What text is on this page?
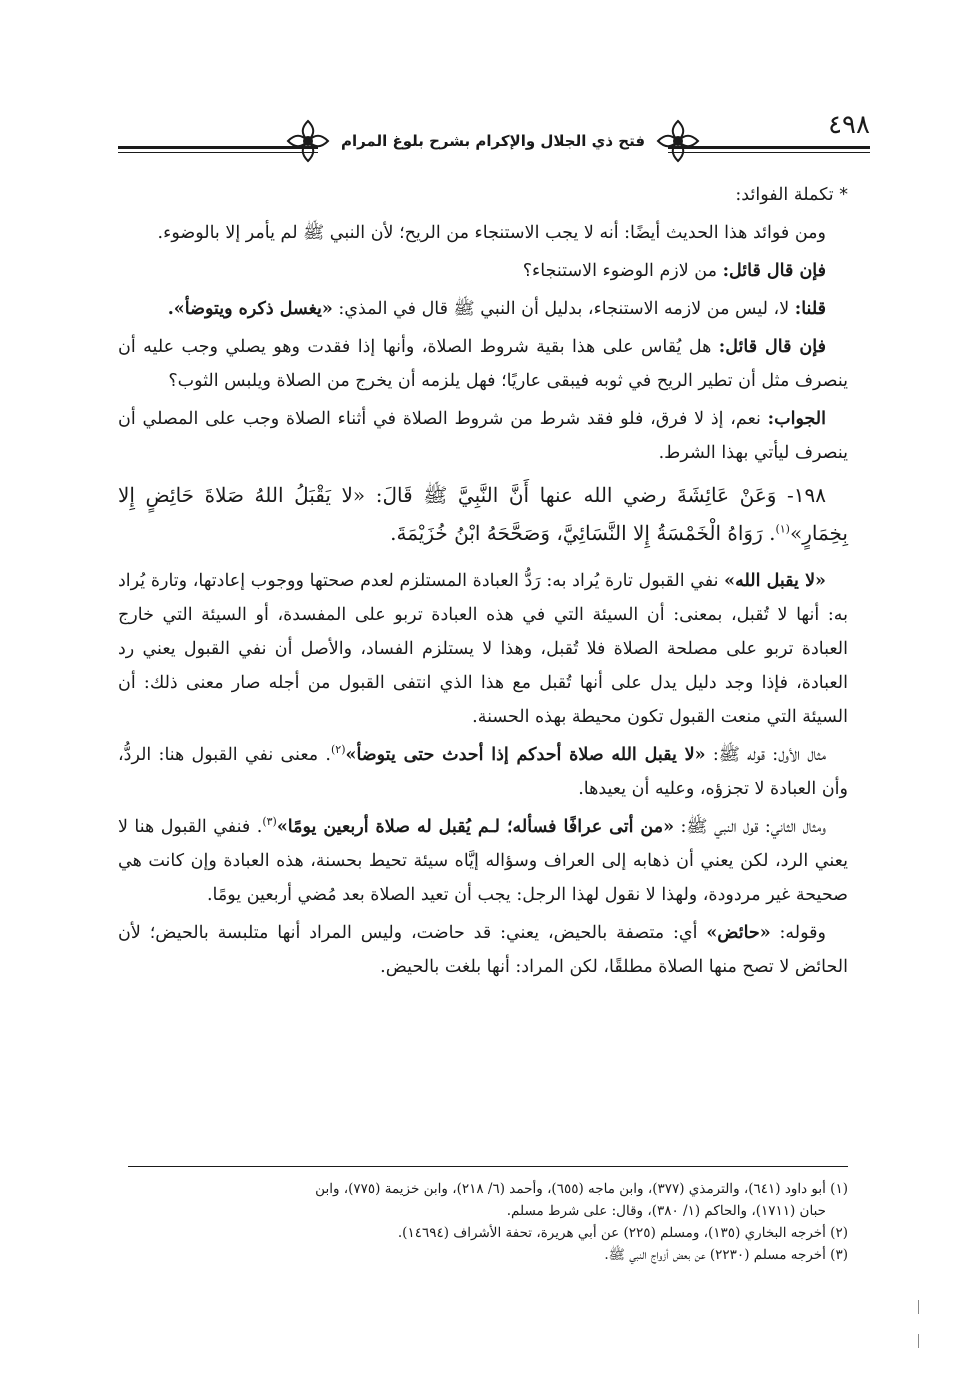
٤٩٨
فتح ذي الجلال والإكرام بشرح بلوغ المرام

* تكملة الفوائد:

ومن فوائد هذا الحديث أيضًا: أنه لا يجب الاستنجاء من الريح؛ لأن النبي ﷺ لم يأمر إلا بالوضوء.

فإن قال قائل: من لازم الوضوء الاستنجاء؟

قلنا: لا، ليس من لازمه الاستنجاء، بدليل أن النبي ﷺ قال في المذي: «يغسل ذكره ويتوضأ».

فإن قال قائل: هل يُقاس على هذا بقية شروط الصلاة، وأنها إذا فقدت وهو يصلي وجب عليه أن ينصرف مثل أن تطير الريح في ثوبه فيبقى عاريًا؛ فهل يلزمه أن يخرج من الصلاة ويلبس الثوب؟

الجواب: نعم، إذ لا فرق، فلو فقد شرط من شروط الصلاة في أثناء الصلاة وجب على المصلي أن ينصرف ليأتي بهذا الشرط.

١٩٨- وَعَنْ عَائِشَةَ رضي الله عنها أَنَّ النَّبِيَّ ﷺ قَالَ: «لا يَقْبَلُ اللهُ صَلاةَ حَائِضٍ إِلا بِخِمَارٍ»$^{(١)}$. رَوَاهُ الْخَمْسَةُ إِلا النَّسَائِيَّ، وَصَحَّحَهُ ابْنُ خُزَيْمَةَ.

«لا يقبل الله» نفي القبول تارة يُراد به: رَدُّ العبادة المستلزم لعدم صحتها ووجوب إعادتها، وتارة يُراد به: أنها لا تُقبل، بمعنى: أن السيئة التي في هذه العبادة تربو على المفسدة، أو السيئة التي خارج العبادة تربو على مصلحة الصلاة فلا تُقبل، وهذا لا يستلزم الفساد، والأصل أن نفي القبول يعني رد العبادة، فإذا وجد دليل يدل على أنها تُقبل مع هذا الذي انتفى القبول من أجله صار معنى ذلك: أن السيئة التي منعت القبول تكون محيطة بهذه الحسنة.

مثال الأول: قوله ﷺ: «لا يقبل الله صلاة أحدكم إذا أحدث حتى يتوضأ»$^{(٢)}$. معنى نفي القبول هنا: الردُّ، وأن العبادة لا تجزؤه، وعليه أن يعيدها.

ومثال الثاني: قول النبي ﷺ: «من أتى عرافًا فسأله؛ لـم يُقبل له صلاة أربعين يومًا»$^{(٣)}$. فنفي القبول هنا لا يعني الرد، لكن يعني أن ذهابه إلى العراف وسؤاله إيَّاه سيئة تحيط بحسنة، هذه العبادة وإن كانت هي صحيحة غير مردودة، ولهذا لا نقول لهذا الرجل: يجب أن تعيد الصلاة بعد مُضي أربعين يومًا.

وقوله: «حائض» أي: متصفة بالحيض، يعني: قد حاضت، وليس المراد أنها متلبسة بالحيض؛ لأن الحائض لا تصح منها الصلاة مطلقًا، لكن المراد: أنها بلغت بالحيض.

(١) أبو داود (٦٤١)، والترمذي (٣٧٧)، وابن ماجه (٦٥٥)، وأحمد (٦/ ٢١٨)، وابن خزيمة (٧٧٥)، وابن

حبان (١٧١١)، والحاكم (١/ ٣٨٠)، وقال: على شرط مسلم.

(٢) أخرجه البخاري (١٣٥)، ومسلم (٢٢٥) عن أبي هريرة، تحفة الأشراف (١٤٦٩٤).

(٣) أخرجه مسلم (٢٢٣٠) عن بعض أزواج النبي ﷺ.
